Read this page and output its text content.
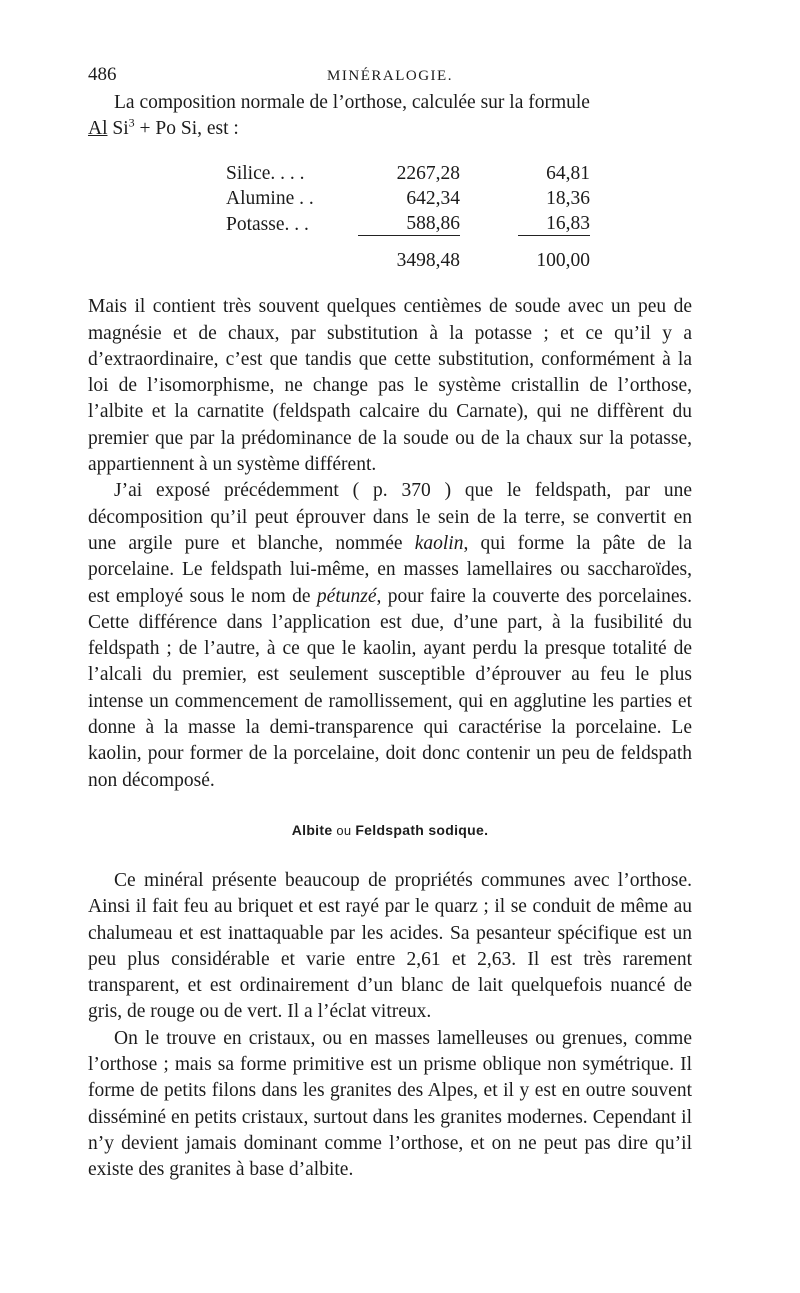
486	MINÉRALOGIE.

La composition normale de l’orthose, calculée sur la formule

Al $Si^3 + Po$ Si, est :
Silice. . . .	2267,28		64,81
Alumine . .	642,34		18,36
Potasse. . .	588,86		16,83
	3498,48		100,00

Mais il contient très souvent quelques centièmes de soude avec un peu de magnésie et de chaux, par substitution à la potasse ; et ce qu’il y a d’extraordinaire, c’est que tandis que cette substitution, conformément à la loi de l’isomorphisme, ne change pas le système cristallin de l’orthose, l’albite et la carnatite (feldspath calcaire du Carnate), qui ne diffèrent du premier que par la prédominance de la soude ou de la chaux sur la potasse, appartiennent à un système différent.

J’ai exposé précédemment ( p. 370 ) que le feldspath, par une décomposition qu’il peut éprouver dans le sein de la terre, se convertit en une argile pure et blanche, nommée kaolin, qui forme la pâte de la porcelaine. Le feldspath lui-même, en masses lamellaires ou saccharoïdes, est employé sous le nom de pétunzé, pour faire la couverte des porcelaines. Cette différence dans l’application est due, d’une part, à la fusibilité du feldspath ; de l’autre, à ce que le kaolin, ayant perdu la presque totalité de l’alcali du premier, est seulement susceptible d’éprouver au feu le plus intense un commencement de ramollissement, qui en agglutine les parties et donne à la masse la demi-transparence qui caractérise la porcelaine. Le kaolin, pour former de la porcelaine, doit donc contenir un peu de feldspath non décomposé.

Albite ou Feldspath sodique.

Ce minéral présente beaucoup de propriétés communes avec l’orthose. Ainsi il fait feu au briquet et est rayé par le quarz ; il se conduit de même au chalumeau et est inattaquable par les acides. Sa pesanteur spécifique est un peu plus considérable et varie entre 2,61 et 2,63. Il est très rarement transparent, et est ordinairement d’un blanc de lait quelquefois nuancé de gris, de rouge ou de vert. Il a l’éclat vitreux.

On le trouve en cristaux, ou en masses lamelleuses ou grenues, comme l’orthose ; mais sa forme primitive est un prisme oblique non symétrique. Il forme de petits filons dans les granites des Alpes, et il y est en outre souvent disséminé en petits cristaux, surtout dans les granites modernes. Cependant il n’y devient jamais dominant comme l’orthose, et on ne peut pas dire qu’il existe des granites à base d’albite.
